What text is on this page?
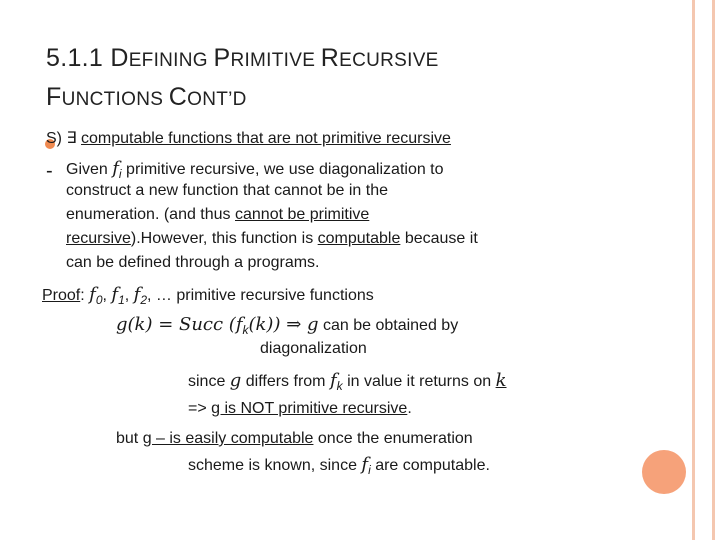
5.1.1 DEFINING PRIMITIVE RECURSIVE
FUNCTIONS CONT’D
S) ∃ computable functions that are not primitive recursive
- Given $f_i$ primitive recursive, we use diagonalization to
construct a new function that cannot be in the
enumeration. (and thus cannot be primitive
recursive).However, this function is computable because it
can be defined through a programs.
Proof: $f_0$, $f_1$, $f_2$, … primitive recursive functions
g(k) = Succ $(f_k(k))$ ⇒ g can be obtained by
diagonalization
since g differs from $f_k$ in value it returns on k
=> g is NOT primitive recursive.
but g – is easily computable once the enumeration
scheme is known, since $f_i$ are computable.
